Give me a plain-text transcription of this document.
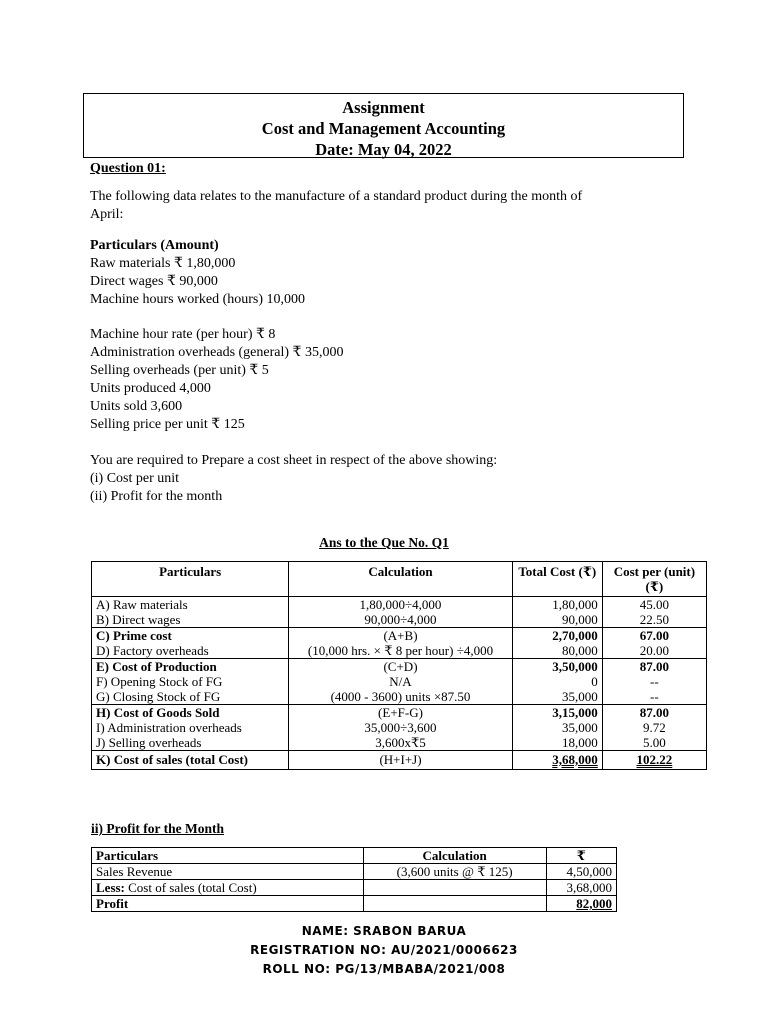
Assignment
Cost and Management Accounting
Date: May 04, 2022
Question 01:
The following data relates to the manufacture of a standard product during the month of April:
Particulars (Amount)
Raw materials ₹ 1,80,000
Direct wages ₹ 90,000
Machine hours worked (hours) 10,000
Machine hour rate (per hour) ₹ 8
Administration overheads (general) ₹ 35,000
Selling overheads (per unit) ₹ 5
Units produced 4,000
Units sold 3,600
Selling price per unit ₹ 125
You are required to Prepare a cost sheet in respect of the above showing:
(i) Cost per unit
(ii) Profit for the month
Ans to the Que No. Q1
Particulars	Calculation	Total Cost (₹)	Cost per (unit) (₹)
A) Raw materials	1,80,000÷4,000	1,80,000	45.00
B) Direct wages	90,000÷4,000	90,000	22.50
C) Prime cost	(A+B)	2,70,000	67.00
D) Factory overheads	(10,000 hrs. × ₹ 8 per hour) ÷4,000	80,000	20.00
E) Cost of Production	(C+D)	3,50,000	87.00
F) Opening Stock of FG	N/A	0	--
G) Closing Stock of FG	(4000 - 3600) units ×87.50	35,000	--
H) Cost of Goods Sold	(E+F-G)	3,15,000	87.00
I) Administration overheads	35,000÷3,600	35,000	9.72
J) Selling overheads	3,600x₹5	18,000	5.00
K) Cost of sales (total Cost)	(H+I+J)	3,68,000	102.22
ii) Profit for the Month
Particulars	Calculation	₹
Sales Revenue	(3,600 units @ ₹ 125)	4,50,000
Less: Cost of sales (total Cost)		3,68,000
Profit		82,000
NAME: SRABON BARUA
REGISTRATION NO: AU/2021/0006623
ROLL NO: PG/13/MBABA/2021/008
